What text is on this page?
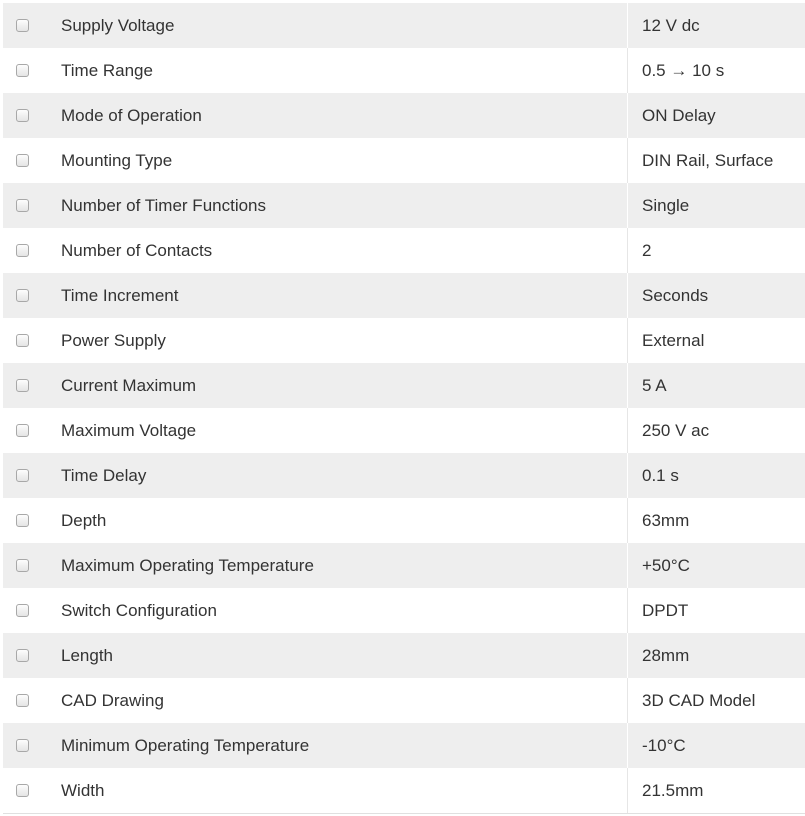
	Supply Voltage	12 V dc

	Time Range	0.5 → 10 s

	Mode of Operation	ON Delay

	Mounting Type	DIN Rail, Surface

	Number of Timer Functions	Single

	Number of Contacts	2

	Time Increment	Seconds

	Power Supply	External

	Current Maximum	5 A

	Maximum Voltage	250 V ac

	Time Delay	0.1 s

	Depth	63mm

	Maximum Operating Temperature	+50°C

	Switch Configuration	DPDT

	Length	28mm

	CAD Drawing	3D CAD Model

	Minimum Operating Temperature	-10°C

	Width	21.5mm
